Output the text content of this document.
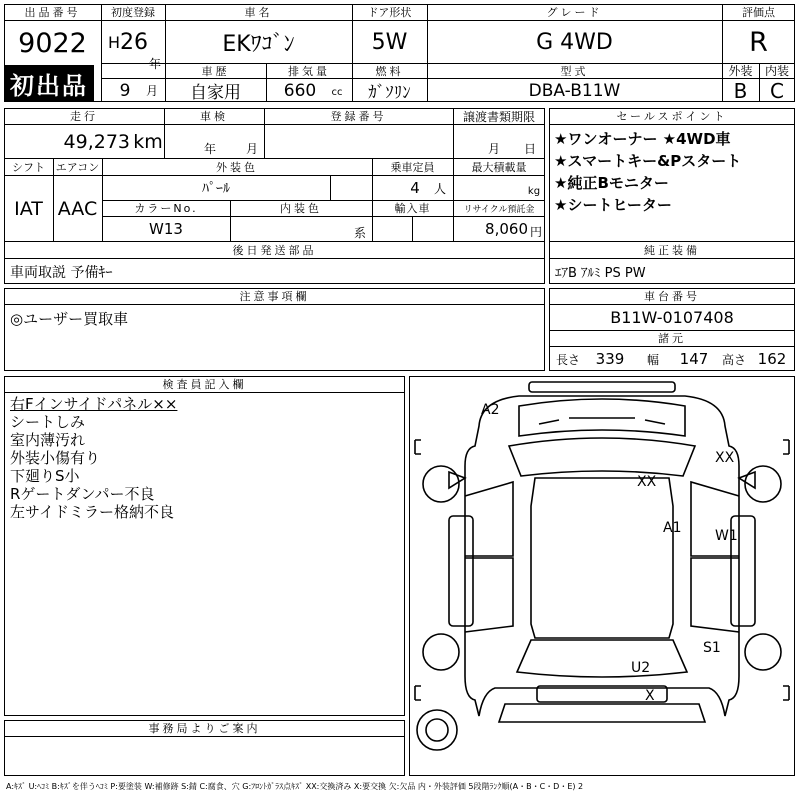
出品番号
9022
初出品
初度登録
H 26
年
9	月
車名
EKﾜｺﾞﾝ
ドア形状
5W
グレード
G 4WD
評価点
R
車歴
自家用
排気量
660	cc
燃料
ｶﾞｿﾘﾝ
型式
DBA-B11W
外装	内装
B	C
走行
49,273 km
車検
年	月
登録番号	譲渡書類期限
月	日
シフト エアコン
IAT AAC
外装色
ﾊﾟｰﾙ
乗車定員
4	人
最大積載量
kg
カラーNo.
W13
内装色
系
輸入車	リサイクル預託金
8,060 円
後日発送部品
車両取説 予備ｷｰ
セールスポイント
★ワンオーナー ★4WD車
★スマートキー&Pスタート
★純正Bモニター
★シートヒーター
純正装備
ｴｱB ｱﾙﾐ PS PW
注意事項欄
◎ユーザー買取車
車台番号
B11W-0107408
諸元
長さ	339	幅	147	高さ 162
検査員記入欄
右Fインサイドパネル××
シートしみ
室内薄汚れ
外装小傷有り
下廻りS小
Rゲートダンパー不良
左サイドミラー格納不良
事務局よりご案内
A2
XX
XX
A1 W1
S1
U2
X
A:ｷｽﾞ U:ﾍｺﾐ B:ｷｽﾞを伴うﾍｺﾐ P:要塗装 W:補修跡 S:錆 C:腐食、穴 G:ﾌﾛﾝﾄｶﾞﾗｽ点ｷｽﾞ XX:交換済み X:要交換 欠:欠品 内・外装評価 5段階ﾗﾝｸ順(A・B・C・D・E) 2
